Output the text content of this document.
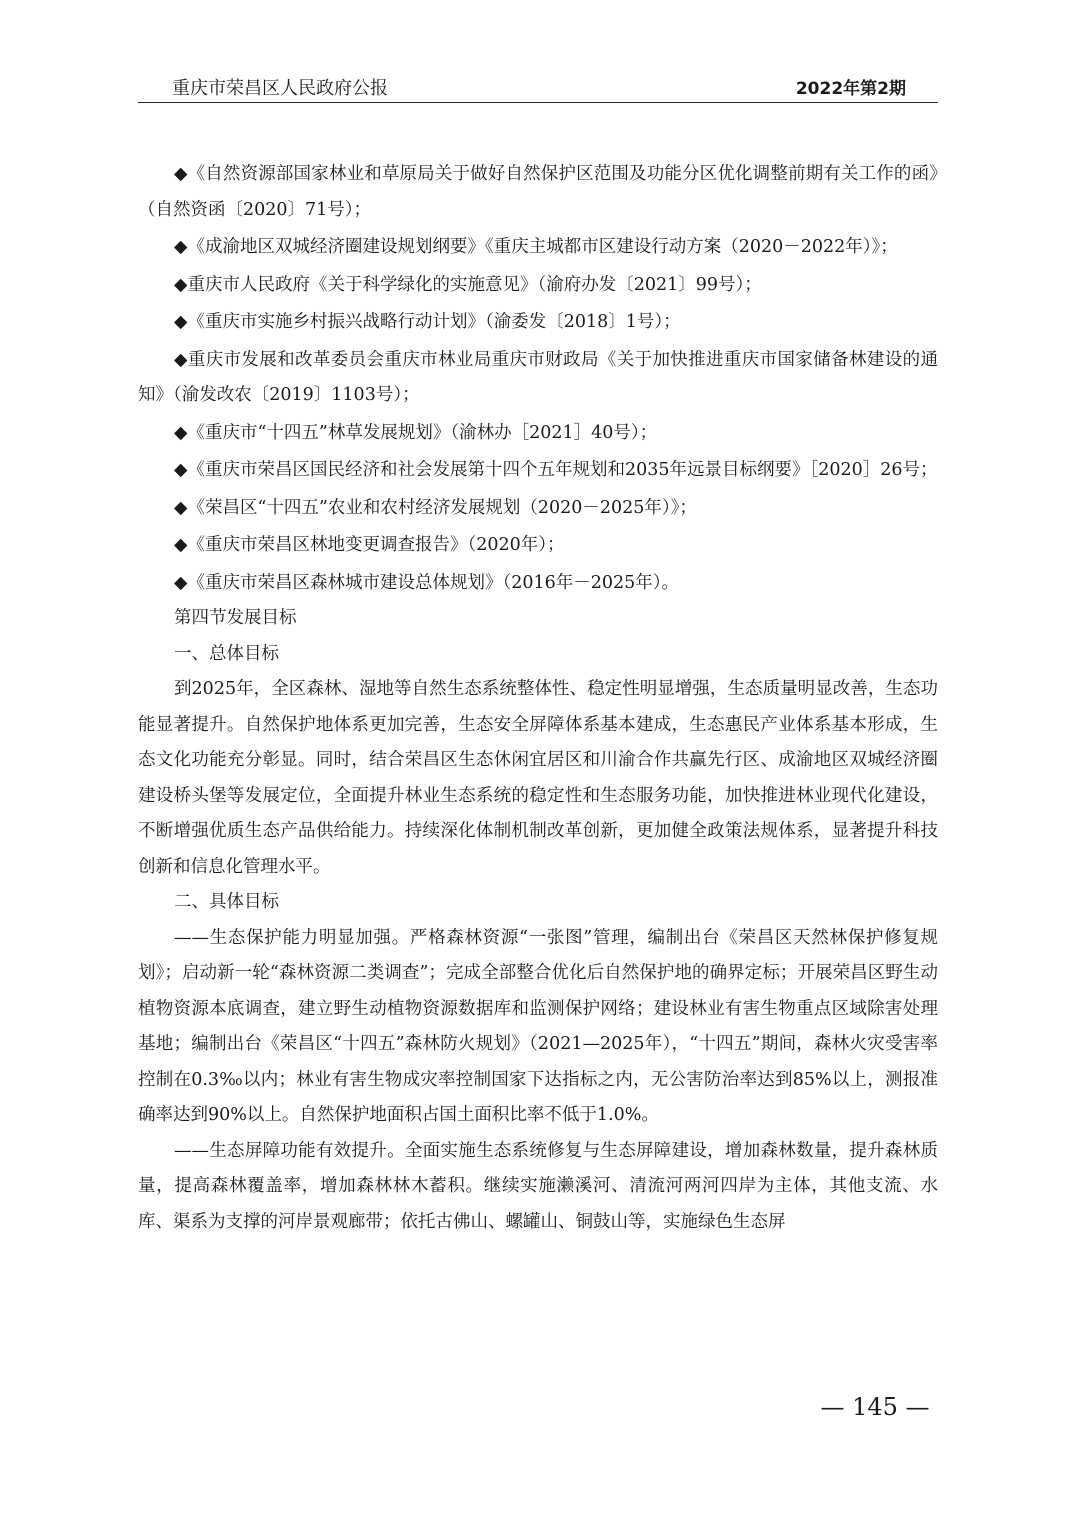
重庆市荣昌区人民政府公报	2022年第2期

◆《自然资源部国家林业和草原局关于做好自然保护区范围及功能分区优化调整前期有关工作的函》（自然资函〔2020〕71号）；

◆《成渝地区双城经济圈建设规划纲要》《重庆主城都市区建设行动方案（2020－2022年）》；

◆重庆市人民政府《关于科学绿化的实施意见》（渝府办发〔2021〕99号）；

◆《重庆市实施乡村振兴战略行动计划》（渝委发〔2018〕1号）；

◆重庆市发展和改革委员会重庆市林业局重庆市财政局《关于加快推进重庆市国家储备林建设的通知》（渝发改农〔2019〕1103号）；

◆《重庆市“十四五”林草发展规划》（渝林办［2021］40号）；

◆《重庆市荣昌区国民经济和社会发展第十四个五年规划和2035年远景目标纲要》［2020］26号；

◆《荣昌区“十四五”农业和农村经济发展规划（2020－2025年）》；

◆《重庆市荣昌区林地变更调查报告》（2020年）；

◆《重庆市荣昌区森林城市建设总体规划》（2016年－2025年）。

第四节发展目标

一、总体目标

到2025年，全区森林、湿地等自然生态系统整体性、稳定性明显增强，生态质量明显改善，生态功能显著提升。自然保护地体系更加完善，生态安全屏障体系基本建成，生态惠民产业体系基本形成，生态文化功能充分彰显。同时，结合荣昌区生态休闲宜居区和川渝合作共赢先行区、成渝地区双城经济圈建设桥头堡等发展定位，全面提升林业生态系统的稳定性和生态服务功能，加快推进林业现代化建设，不断增强优质生态产品供给能力。持续深化体制机制改革创新，更加健全政策法规体系，显著提升科技创新和信息化管理水平。

二、具体目标

——生态保护能力明显加强。严格森林资源“一张图”管理，编制出台《荣昌区天然林保护修复规划》；启动新一轮“森林资源二类调查”；完成全部整合优化后自然保护地的确界定标；开展荣昌区野生动植物资源本底调查，建立野生动植物资源数据库和监测保护网络；建设林业有害生物重点区域除害处理基地；编制出台《荣昌区“十四五”森林防火规划》（2021—2025年），“十四五”期间，森林火灾受害率控制在0.3‰以内；林业有害生物成灾率控制国家下达指标之内，无公害防治率达到85%以上，测报准确率达到90%以上。自然保护地面积占国土面积比率不低于1.0%。

——生态屏障功能有效提升。全面实施生态系统修复与生态屏障建设，增加森林数量，提升森林质量，提高森林覆盖率，增加森林林木蓄积。继续实施濑溪河、清流河两河四岸为主体，其他支流、水库、渠系为支撑的河岸景观廊带；依托古佛山、螺罐山、铜鼓山等，实施绿色生态屏

— 145 —
